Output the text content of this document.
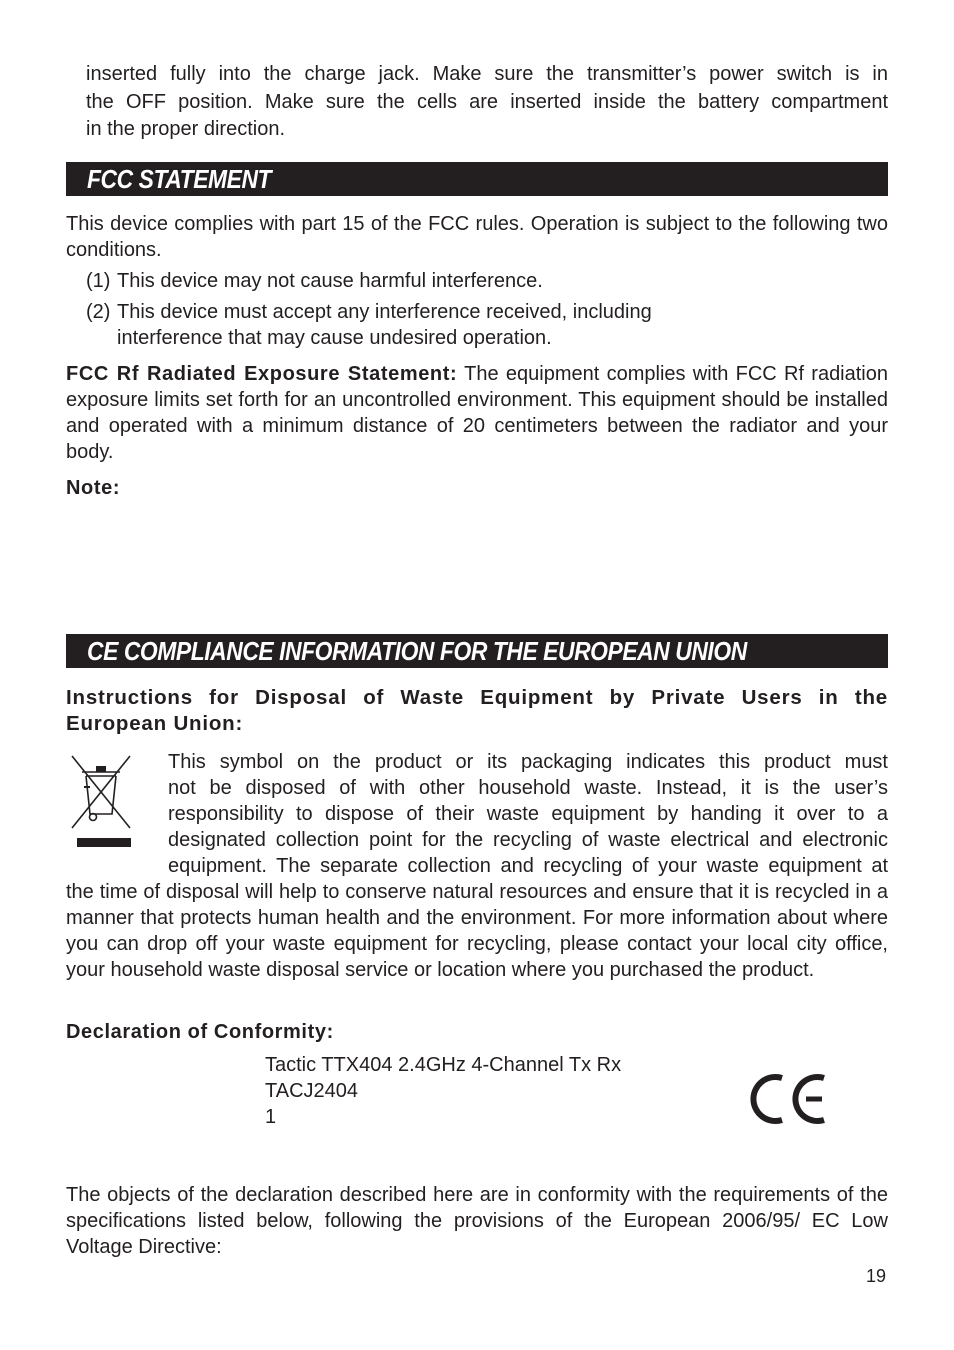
inserted fully into the charge jack. Make sure the transmitter’s power switch is in
the OFF position. Make sure the cells are inserted inside the battery compartment
in the proper direction.
FCC STATEMENT

This device complies with part 15 of the FCC rules. Operation is subject to the following two conditions.

(1) This device may not cause harmful interference.
(2) This device must accept any interference received, including
interference that may cause undesired operation.

FCC Rf Radiated Exposure Statement: The equipment complies with FCC Rf radiation exposure limits set forth for an uncontrolled environment. This equipment should be installed and operated with a minimum distance of 20 centimeters between the radiator and your body.

Note:

CE COMPLIANCE INFORMATION FOR THE EUROPEAN UNION

Instructions for Disposal of Waste Equipment by Private Users in the European Union:

This symbol on the product or its packaging indicates this product must
not be disposed of with other household waste. Instead, it is the user’s
responsibility to dispose of their waste equipment by handing it over to a
designated collection point for the recycling of waste electrical and electronic
equipment. The separate collection and recycling of your waste equipment at

the time of disposal will help to conserve natural resources and ensure that it is recycled in a manner that protects human health and the environment. For more information about where you can drop off your waste equipment for recycling, please contact your local city office, your household waste disposal service or location where you purchased the product.

Declaration of Conformity:

Tactic TTX404 2.4GHz 4-Channel Tx Rx
TACJ2404
1

The objects of the declaration described here are in conformity with the requirements of the specifications listed below, following the provisions of the European 2006/95/ EC Low Voltage Directive:

19
